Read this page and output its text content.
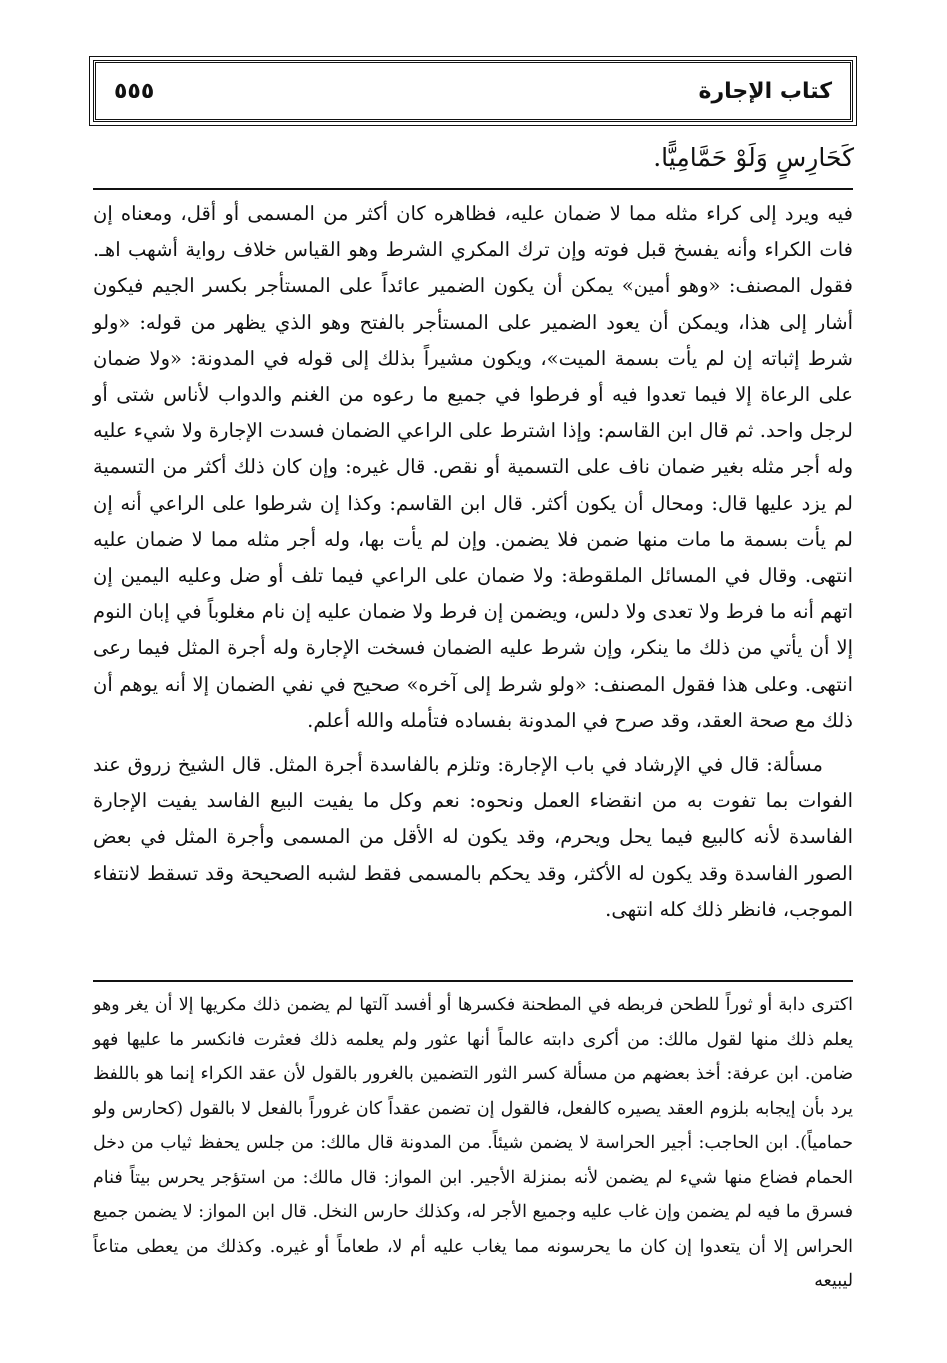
كتاب الإجارة
٥٥٥
كَحَارِسٍ وَلَوْ حَمَّامِيًّا.

فيه ويرد إلى كراء مثله مما لا ضمان عليه، فظاهره كان أكثر من المسمى أو أقل، ومعناه إن فات الكراء وأنه يفسخ قبل فوته وإن ترك المكري الشرط وهو القياس خلاف رواية أشهب اهـ. فقول المصنف: «وهو أمين» يمكن أن يكون الضمير عائداً على المستأجر بكسر الجيم فيكون أشار إلى هذا، ويمكن أن يعود الضمير على المستأجر بالفتح وهو الذي يظهر من قوله: «ولو شرط إثباته إن لم يأت بسمة الميت»، ويكون مشيراً بذلك إلى قوله في المدونة: «ولا ضمان على الرعاة إلا فيما تعدوا فيه أو فرطوا في جميع ما رعوه من الغنم والدواب لأناس شتى أو لرجل واحد. ثم قال ابن القاسم: وإذا اشترط على الراعي الضمان فسدت الإجارة ولا شيء عليه وله أجر مثله بغير ضمان ناف على التسمية أو نقص. قال غيره: وإن كان ذلك أكثر من التسمية لم يزد عليها قال: ومحال أن يكون أكثر. قال ابن القاسم: وكذا إن شرطوا على الراعي أنه إن لم يأت بسمة ما مات منها ضمن فلا يضمن. وإن لم يأت بها، وله أجر مثله مما لا ضمان عليه انتهى. وقال في المسائل الملقوطة: ولا ضمان على الراعي فيما تلف أو ضل وعليه اليمين إن اتهم أنه ما فرط ولا تعدى ولا دلس، ويضمن إن فرط ولا ضمان عليه إن نام مغلوباً في إبان النوم إلا أن يأتي من ذلك ما ينكر، وإن شرط عليه الضمان فسخت الإجارة وله أجرة المثل فيما رعى انتهى. وعلى هذا فقول المصنف: «ولو شرط إلى آخره» صحيح في نفي الضمان إلا أنه يوهم أن ذلك مع صحة العقد، وقد صرح في المدونة بفساده فتأمله والله أعلم.

مسألة: قال في الإرشاد في باب الإجارة: وتلزم بالفاسدة أجرة المثل. قال الشيخ زروق عند الفوات بما تفوت به من انقضاء العمل ونحوه: نعم وكل ما يفيت البيع الفاسد يفيت الإجارة الفاسدة لأنه كالبيع فيما يحل ويحرم، وقد يكون له الأقل من المسمى وأجرة المثل في بعض الصور الفاسدة وقد يكون له الأكثر، وقد يحكم بالمسمى فقط لشبه الصحيحة وقد تسقط لانتفاء الموجب، فانظر ذلك كله انتهى.

اكترى دابة أو ثوراً للطحن فربطه في المطحنة فكسرها أو أفسد آلتها لم يضمن ذلك مكريها إلا أن يغر وهو يعلم ذلك منها لقول مالك: من أكرى دابته عالماً أنها عثور ولم يعلمه ذلك فعثرت فانكسر ما عليها فهو ضامن. ابن عرفة: أخذ بعضهم من مسألة كسر الثور التضمين بالغرور بالقول لأن عقد الكراء إنما هو باللفظ يرد بأن إيجابه بلزوم العقد يصيره كالفعل، فالقول إن تضمن عقداً كان غروراً بالفعل لا بالقول (كحارس ولو حمامياً). ابن الحاجب: أجير الحراسة لا يضمن شيئاً. من المدونة قال مالك: من جلس يحفظ ثياب من دخل الحمام فضاع منها شيء لم يضمن لأنه بمنزلة الأجير. ابن المواز: قال مالك: من استؤجر يحرس بيتاً فنام فسرق ما فيه لم يضمن وإن غاب عليه وجميع الأجر له، وكذلك حارس النخل. قال ابن المواز: لا يضمن جميع الحراس إلا أن يتعدوا إن كان ما يحرسونه مما يغاب عليه أم لا، طعاماً أو غيره. وكذلك من يعطى متاعاً ليبيعه
